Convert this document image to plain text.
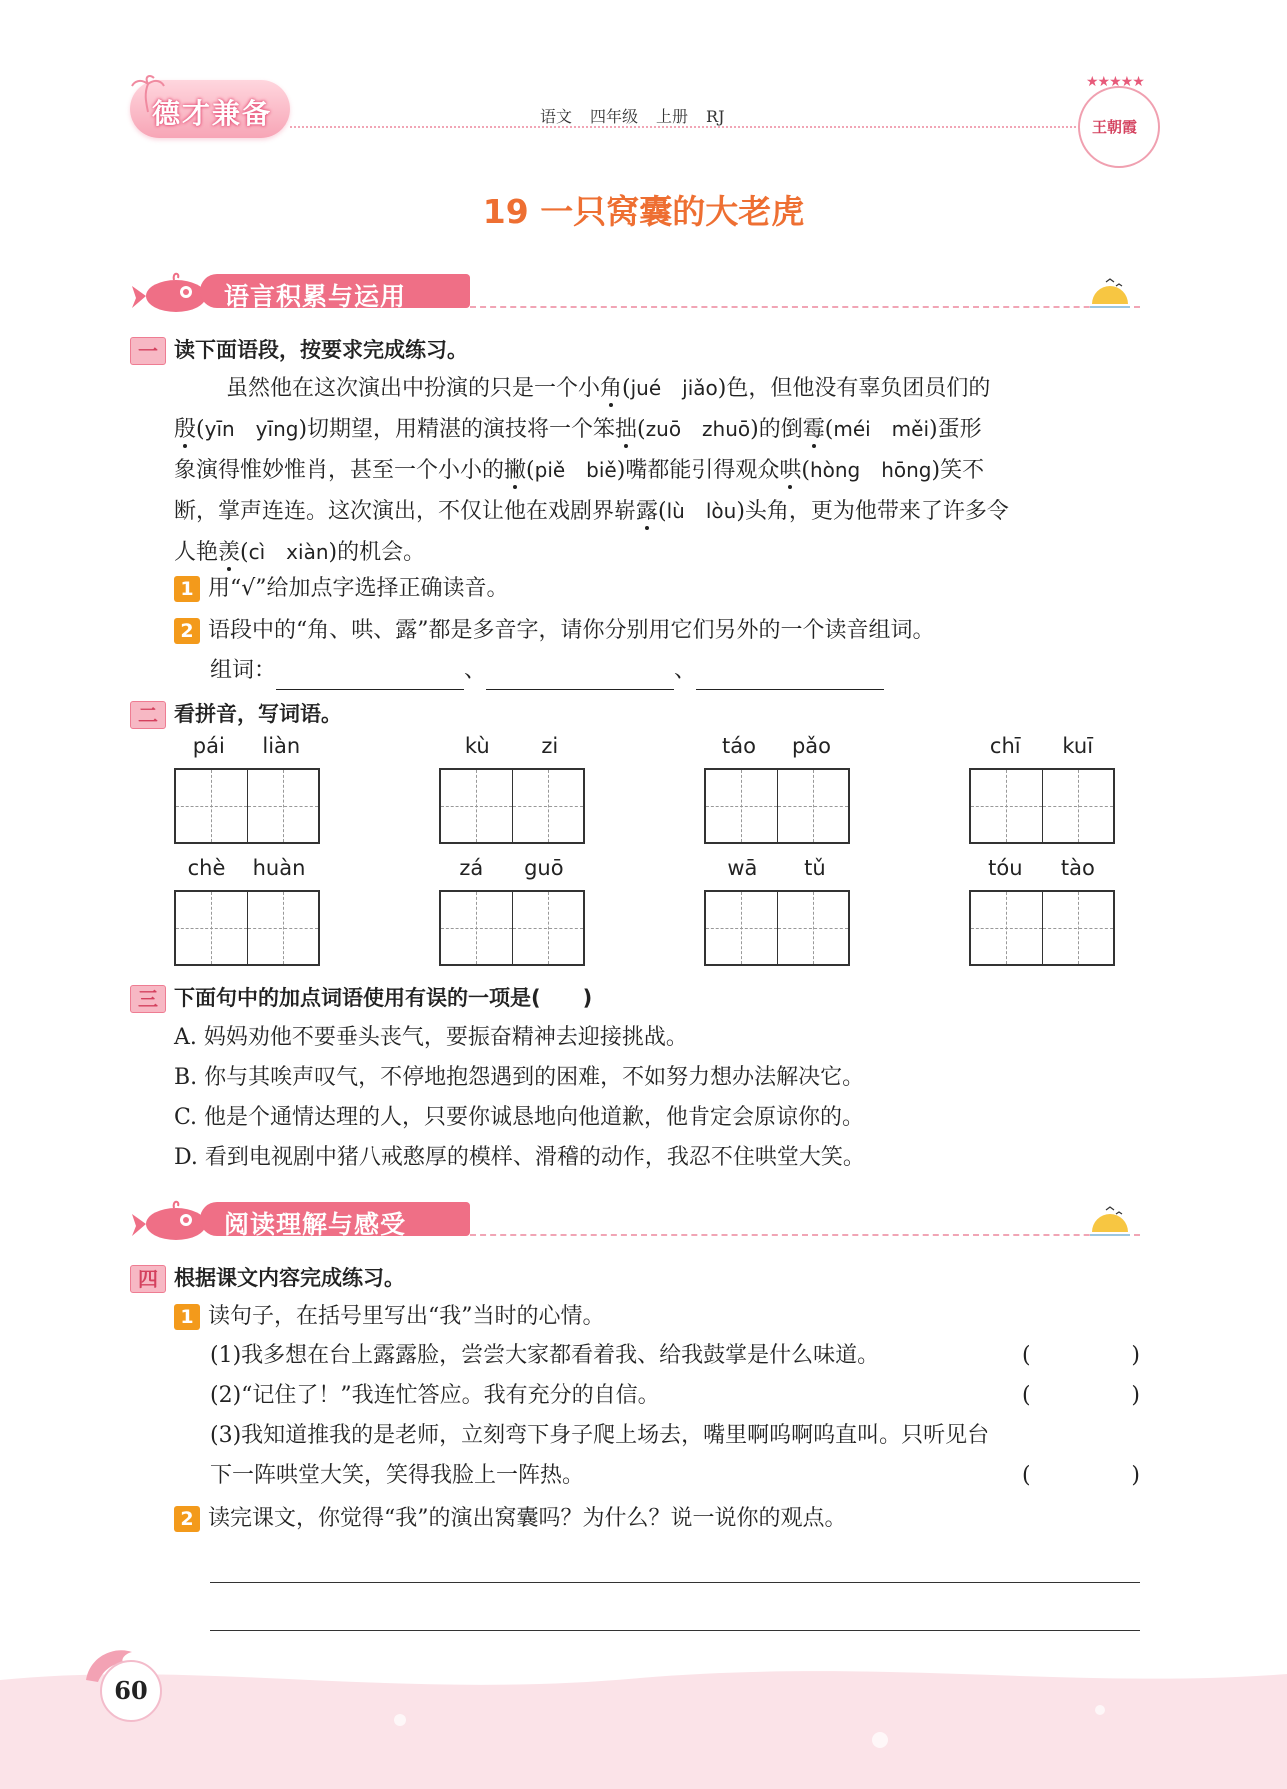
德才兼备	语文 四年级 上册 RJ
★★★★★
王朝霞
19 一只窝囊的大老虎
语言积累与运用
一 读下面语段，按要求完成练习。

虽然他在这次演出中扮演的只是一个小角(jué jiǎo)色，但他没有辜负团员们的

殷(yīn yīng)切期望，用精湛的演技将一个笨拙(zuō zhuō)的倒霉(méi měi)蛋形
象演得惟妙惟肖，甚至一个小小的撇(piě biě)嘴都能引得观众哄(hòng hōng)笑不
断，掌声连连。这次演出，不仅让他在戏剧界崭露(lù lòu)头角，更为他带来了许多令
人艳羡(cì xiàn)的机会。
1 用“√”给加点字选择正确读音。
2 语段中的“角、哄、露”都是多音字，请你分别用它们另外的一个读音组词。
组词：	、	、
二 看拼音，写词语。
pái liàn	kù zi	táo pǎo	chī kuī
chè huàn	zá guō	wā tǔ	tóu tào
三 下面句中的加点词语使用有误的一项是(　　)
A. 妈妈劝他不要垂头丧气，要振奋精神去迎接挑战。
B. 你与其唉声叹气，不停地抱怨遇到的困难，不如努力想办法解决它。
C. 他是个通情达理的人，只要你诚恳地向他道歉，他肯定会原谅你的。
D. 看到电视剧中猪八戒憨厚的模样、滑稽的动作，我忍不住哄堂大笑。
阅读理解与感受
四 根据课文内容完成练习。
1 读句子，在括号里写出“我”当时的心情。
(1)我多想在台上露露脸，尝尝大家都看着我、给我鼓掌是什么味道。	(	)
(2)“记住了！”我连忙答应。我有充分的自信。	(	)
(3)我知道推我的是老师，立刻弯下身子爬上场去，嘴里啊呜啊呜直叫。只听见台
下一阵哄堂大笑，笑得我脸上一阵热。	(	)
2 读完课文，你觉得“我”的演出窝囊吗？为什么？说一说你的观点。
60
